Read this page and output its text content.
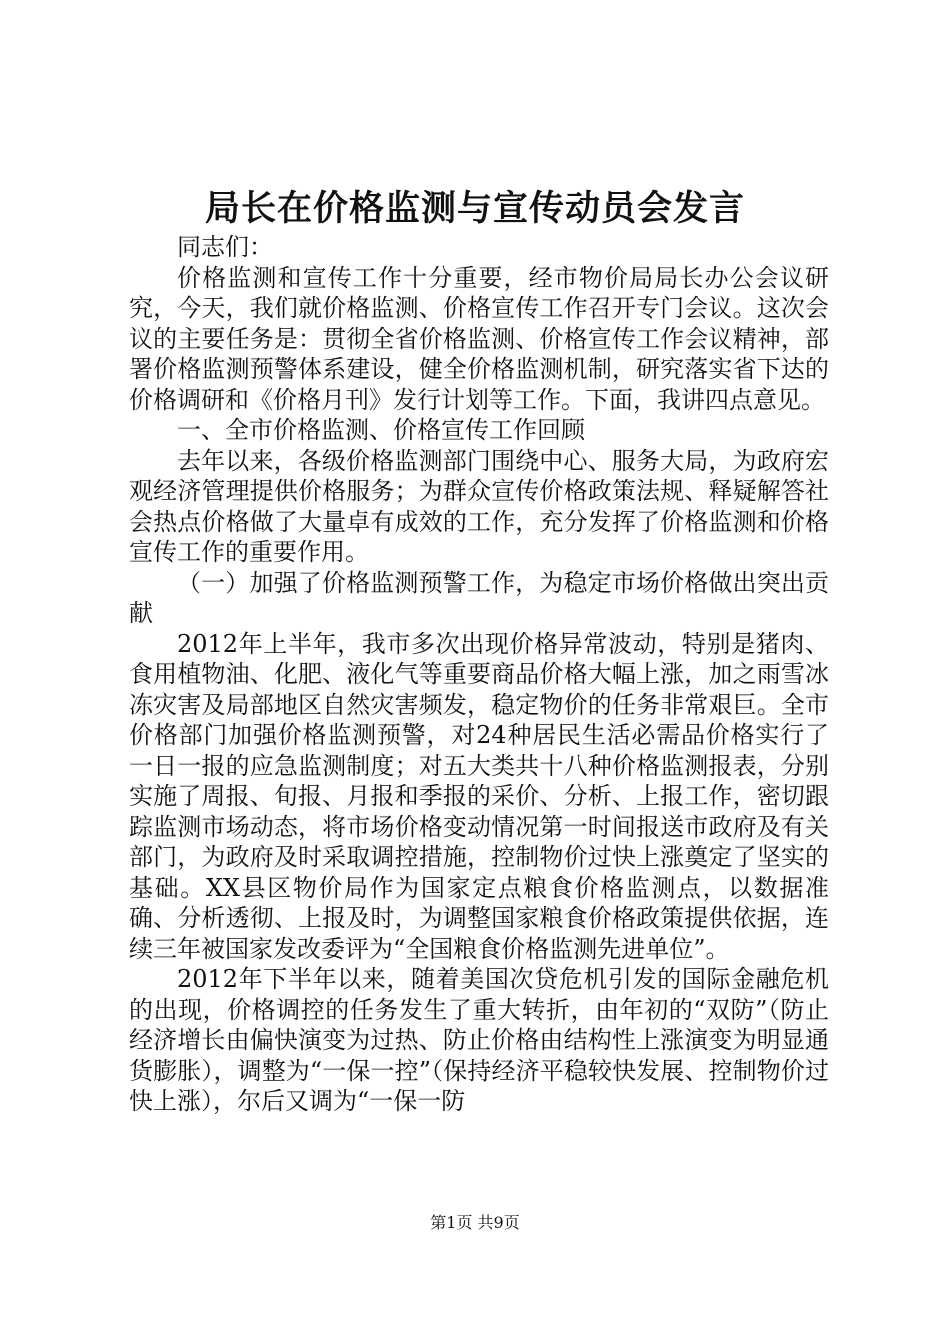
局长在价格监测与宣传动员会发言

同志们：

价格监测和宣传工作十分重要，经市物价局局长办公会议研究，今天，我们就价格监测、价格宣传工作召开专门会议。这次会议的主要任务是：贯彻全省价格监测、价格宣传工作会议精神，部署价格监测预警体系建设，健全价格监测机制，研究落实省下达的价格调研和《价格月刊》发行计划等工作。下面，我讲四点意见。

一、全市价格监测、价格宣传工作回顾

去年以来，各级价格监测部门围绕中心、服务大局，为政府宏观经济管理提供价格服务；为群众宣传价格政策法规、释疑解答社会热点价格做了大量卓有成效的工作，充分发挥了价格监测和价格宣传工作的重要作用。

（一）加强了价格监测预警工作，为稳定市场价格做出突出贡献

2012年上半年，我市多次出现价格异常波动，特别是猪肉、食用植物油、化肥、液化气等重要商品价格大幅上涨，加之雨雪冰冻灾害及局部地区自然灾害频发，稳定物价的任务非常艰巨。全市价格部门加强价格监测预警，对24种居民生活必需品价格实行了一日一报的应急监测制度；对五大类共十八种价格监测报表，分别实施了周报、旬报、月报和季报的采价、分析、上报工作，密切跟踪监测市场动态，将市场价格变动情况第一时间报送市政府及有关部门，为政府及时采取调控措施，控制物价过快上涨奠定了坚实的基础。XX县区物价局作为国家定点粮食价格监测点，以数据准确、分析透彻、上报及时，为调整国家粮食价格政策提供依据，连续三年被国家发改委评为“全国粮食价格监测先进单位”。

2012年下半年以来，随着美国次贷危机引发的国际金融危机的出现，价格调控的任务发生了重大转折，由年初的“双防”（防止经济增长由偏快演变为过热、防止价格由结构性上涨演变为明显通货膨胀），调整为“一保一控”（保持经济平稳较快发展、控制物价过快上涨），尔后又调为“一保一防

第1页 共9页
